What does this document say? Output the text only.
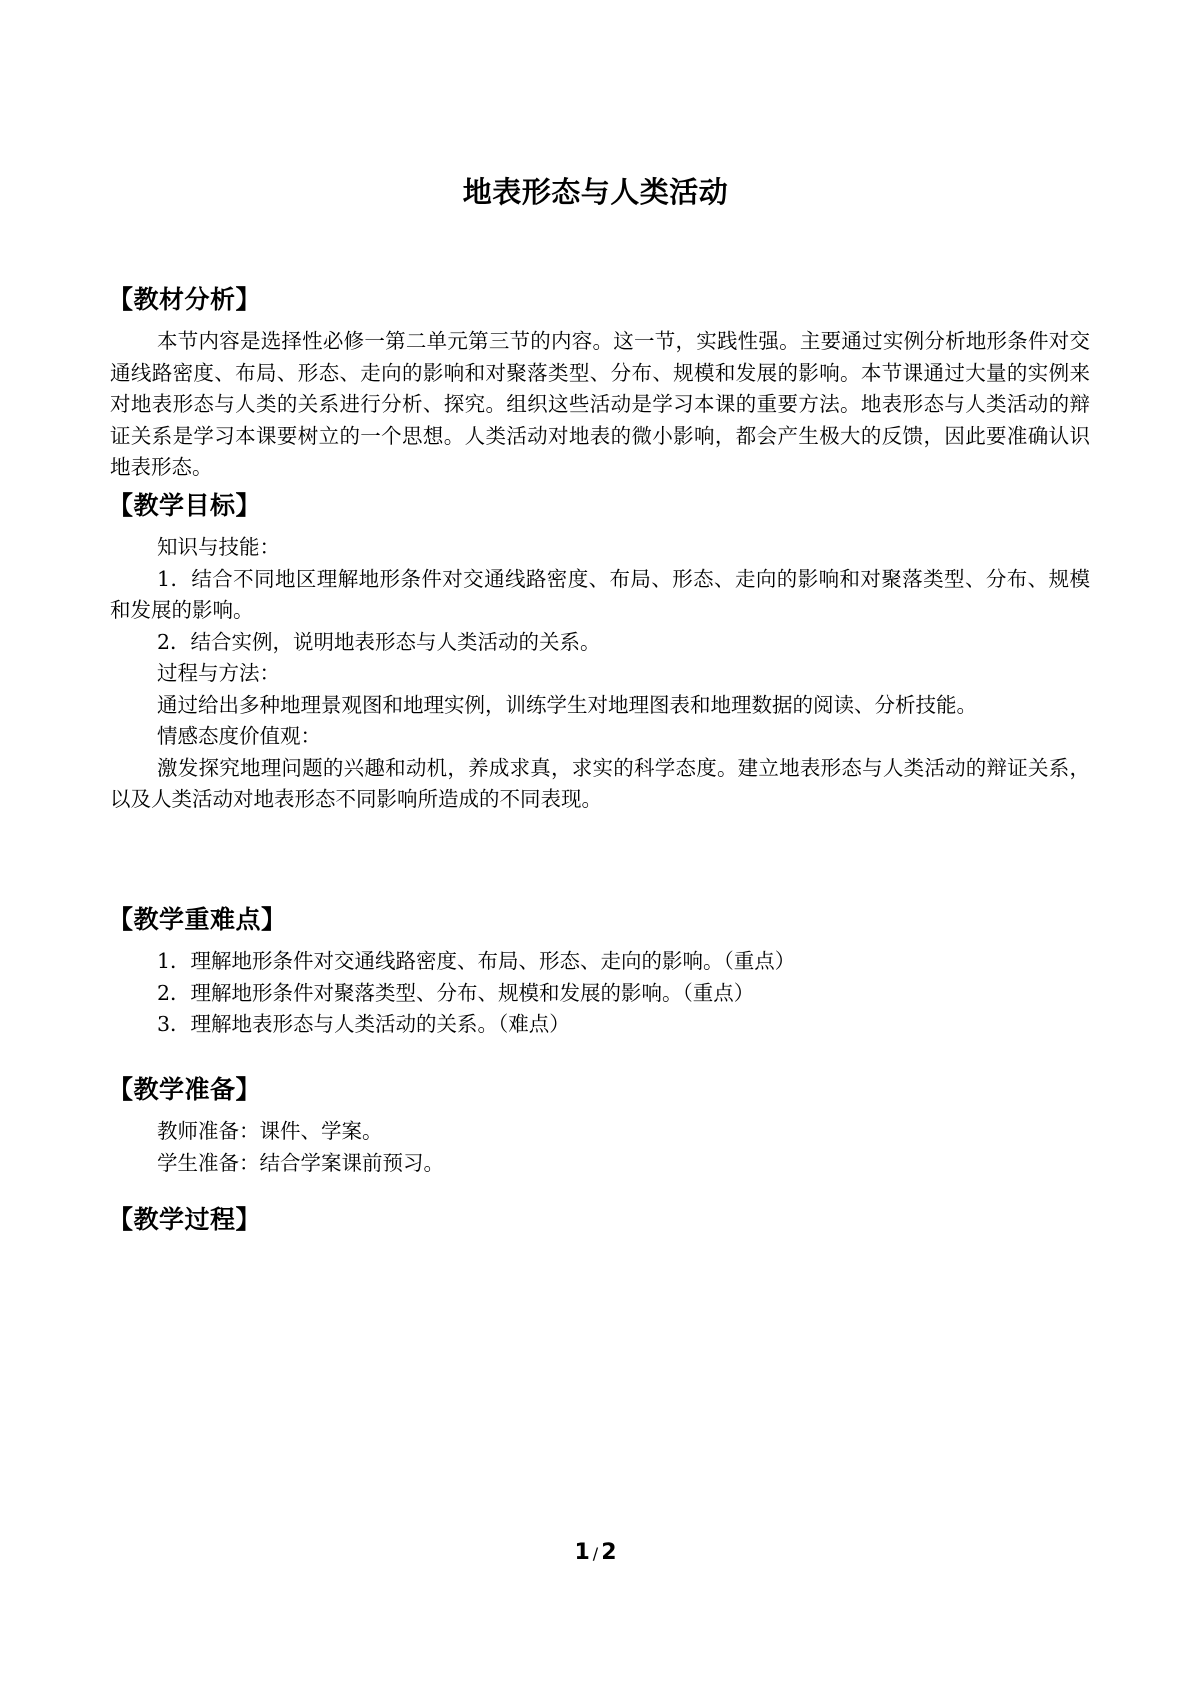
地表形态与人类活动
【教材分析】

本节内容是选择性必修一第二单元第三节的内容。这一节，实践性强。主要通过实例分析地形条件对交通线路密度、布局、形态、走向的影响和对聚落类型、分布、规模和发展的影响。本节课通过大量的实例来对地表形态与人类的关系进行分析、探究。组织这些活动是学习本课的重要方法。地表形态与人类活动的辩证关系是学习本课要树立的一个思想。人类活动对地表的微小影响，都会产生极大的反馈，因此要准确认识地表形态。

【教学目标】

知识与技能：

1．结合不同地区理解地形条件对交通线路密度、布局、形态、走向的影响和对聚落类型、分布、规模和发展的影响。

2．结合实例，说明地表形态与人类活动的关系。

过程与方法：

通过给出多种地理景观图和地理实例，训练学生对地理图表和地理数据的阅读、分析技能。

情感态度价值观：

激发探究地理问题的兴趣和动机，养成求真，求实的科学态度。建立地表形态与人类活动的辩证关系，以及人类活动对地表形态不同影响所造成的不同表现。

【教学重难点】

1．理解地形条件对交通线路密度、布局、形态、走向的影响。（重点）

2．理解地形条件对聚落类型、分布、规模和发展的影响。（重点）

3．理解地表形态与人类活动的关系。（难点）

【教学准备】

教师准备：课件、学案。

学生准备：结合学案课前预习。

【教学过程】
1 / 2
